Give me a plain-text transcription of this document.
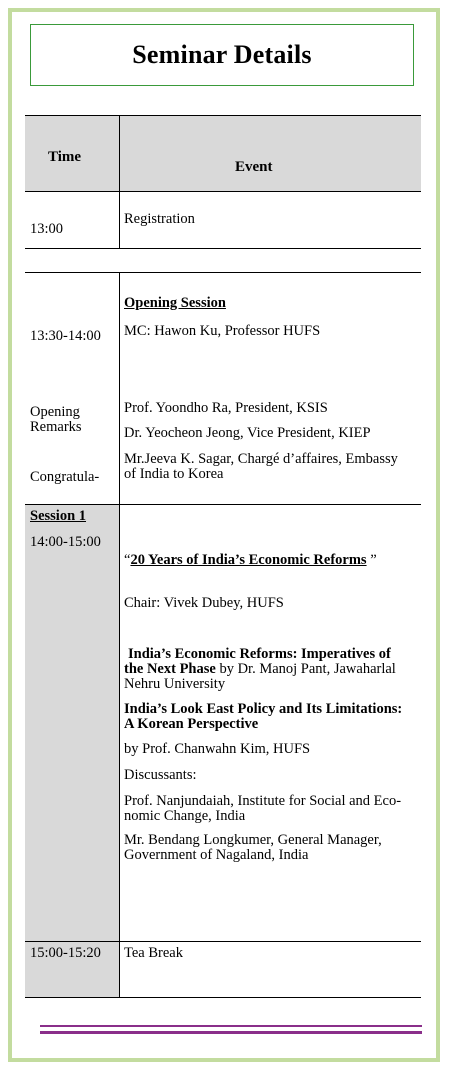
Seminar Details
Time
Event
13:00
Registration
13:30-14:00
Opening Session
MC: Hawon Ku, Professor HUFS
Opening
Remarks
Congratula-
Prof. Yoondho Ra, President, KSIS
Dr. Yeocheon Jeong, Vice President, KIEP
Mr.Jeeva K. Sagar, Chargé d’affaires, Embassy
of India to Korea
Session 1
14:00-15:00
“20 Years of India’s Economic Reforms ”
Chair: Vivek Dubey, HUFS
India’s Economic Reforms: Imperatives of
the Next Phase by Dr. Manoj Pant, Jawaharlal
Nehru University
India’s Look East Policy and Its Limitations:
A Korean Perspective
by Prof. Chanwahn Kim, HUFS
Discussants:
Prof. Nanjundaiah, Institute for Social and Eco-
nomic Change, India
Mr. Bendang Longkumer, General Manager,
Government of Nagaland, India
15:00-15:20 Tea Break
